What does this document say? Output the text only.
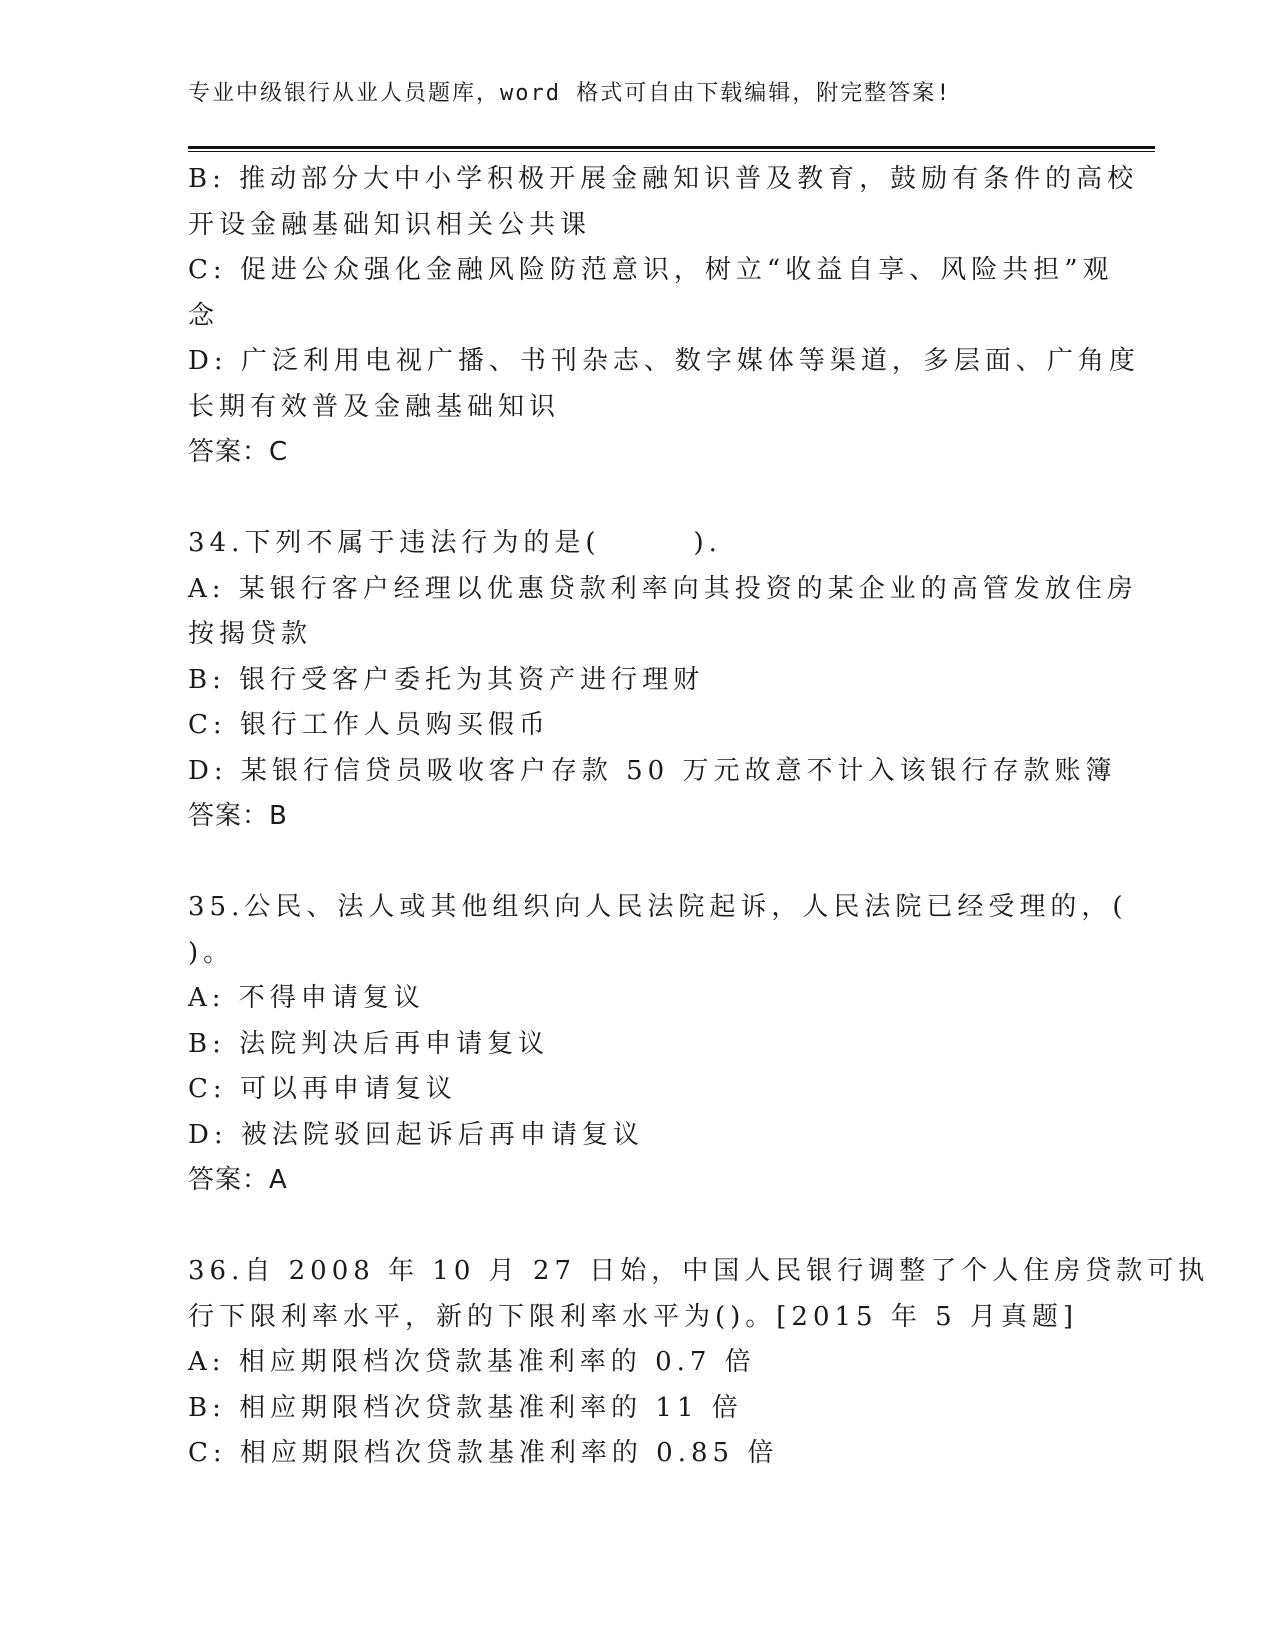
专业中级银行从业人员题库，word 格式可自由下载编辑，附完整答案!
B: 推动部分大中小学积极开展金融知识普及教育，鼓励有条件的高校
开设金融基础知识相关公共课
C: 促进公众强化金融风险防范意识，树立“收益自享、风险共担”观
念
D: 广泛利用电视广播、书刊杂志、数字媒体等渠道，多层面、广角度
长期有效普及金融基础知识
答案：C
34.下列不属于违法行为的是(　　　).
A: 某银行客户经理以优惠贷款利率向其投资的某企业的高管发放住房
按揭贷款
B: 银行受客户委托为其资产进行理财
C: 银行工作人员购买假币
D: 某银行信贷员吸收客户存款 50 万元故意不计入该银行存款账簿
答案：B
35.公民、法人或其他组织向人民法院起诉，人民法院已经受理的，(
)。
A: 不得申请复议
B: 法院判决后再申请复议
C: 可以再申请复议
D: 被法院驳回起诉后再申请复议
答案：A
36.自 2008 年 10 月 27 日始，中国人民银行调整了个人住房贷款可执
行下限利率水平，新的下限利率水平为()。[2015 年 5 月真题]
A: 相应期限档次贷款基准利率的 0.7 倍
B: 相应期限档次贷款基准利率的 11 倍
C: 相应期限档次贷款基准利率的 0.85 倍
